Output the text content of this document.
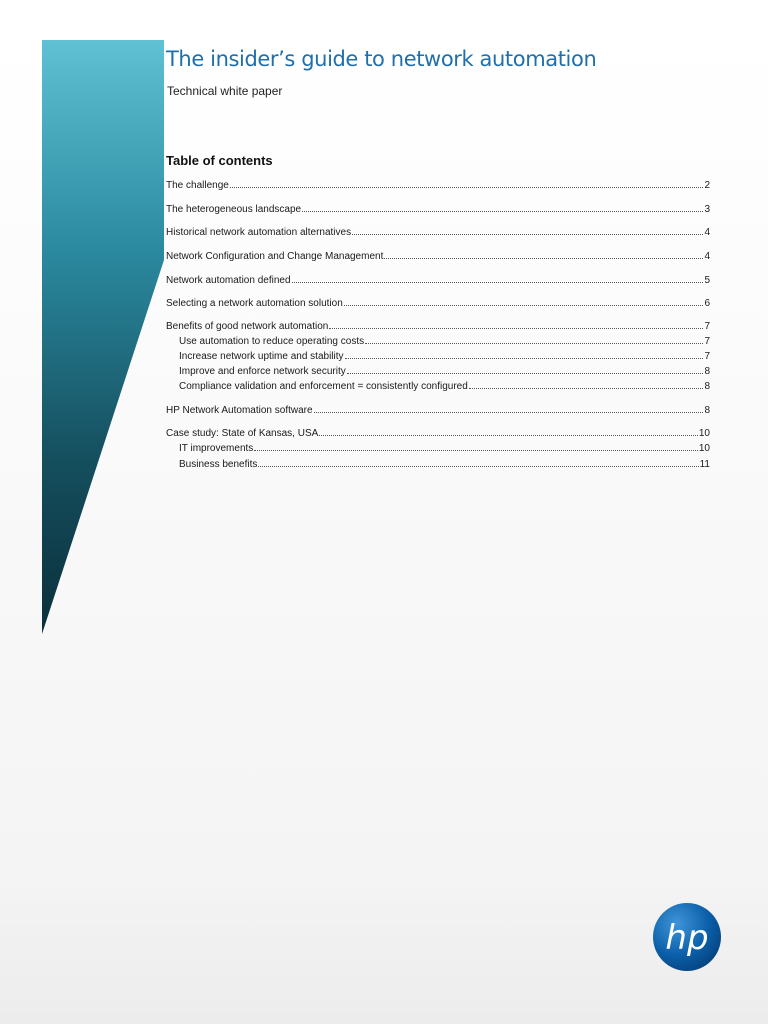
The insider’s guide to network automation
Technical white paper
Table of contents
The challenge	2
The heterogeneous landscape	3
Historical network automation alternatives	4
Network Configuration and Change Management	4
Network automation defined	5
Selecting a network automation solution	6
Benefits of good network automation	7
Use automation to reduce operating costs	7
Increase network uptime and stability	7
Improve and enforce network security	8
Compliance validation and enforcement = consistently configured	8
HP Network Automation software	8
Case study: State of Kansas, USA	10
IT improvements	10
Business benefits	11
hp
